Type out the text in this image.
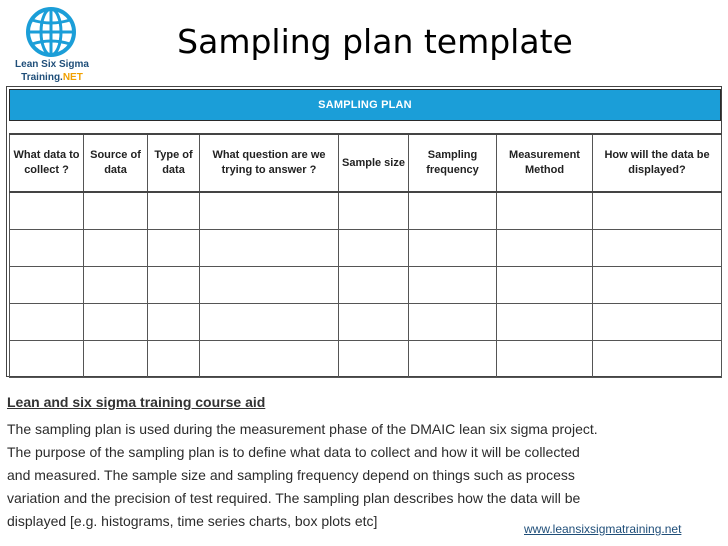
Lean Six Sigma
Training.NET
Sampling plan template
SAMPLING PLAN
What data to collect ?	Source of data	Type of data	What question are we trying to answer ?	Sample size	Sampling frequency	Measurement Method	How will the data be displayed?

Lean and six sigma training course aid
The sampling plan is used during the measurement phase of the DMAIC lean six sigma project.
The purpose of the sampling plan is to define what data to collect and how it will be collected
and measured. The sample size and sampling frequency depend on things such as process
variation and the precision of test required. The sampling plan describes how the data will be
displayed [e.g. histograms, time series charts, box plots etc]	www.leansixsigmatraining.net
